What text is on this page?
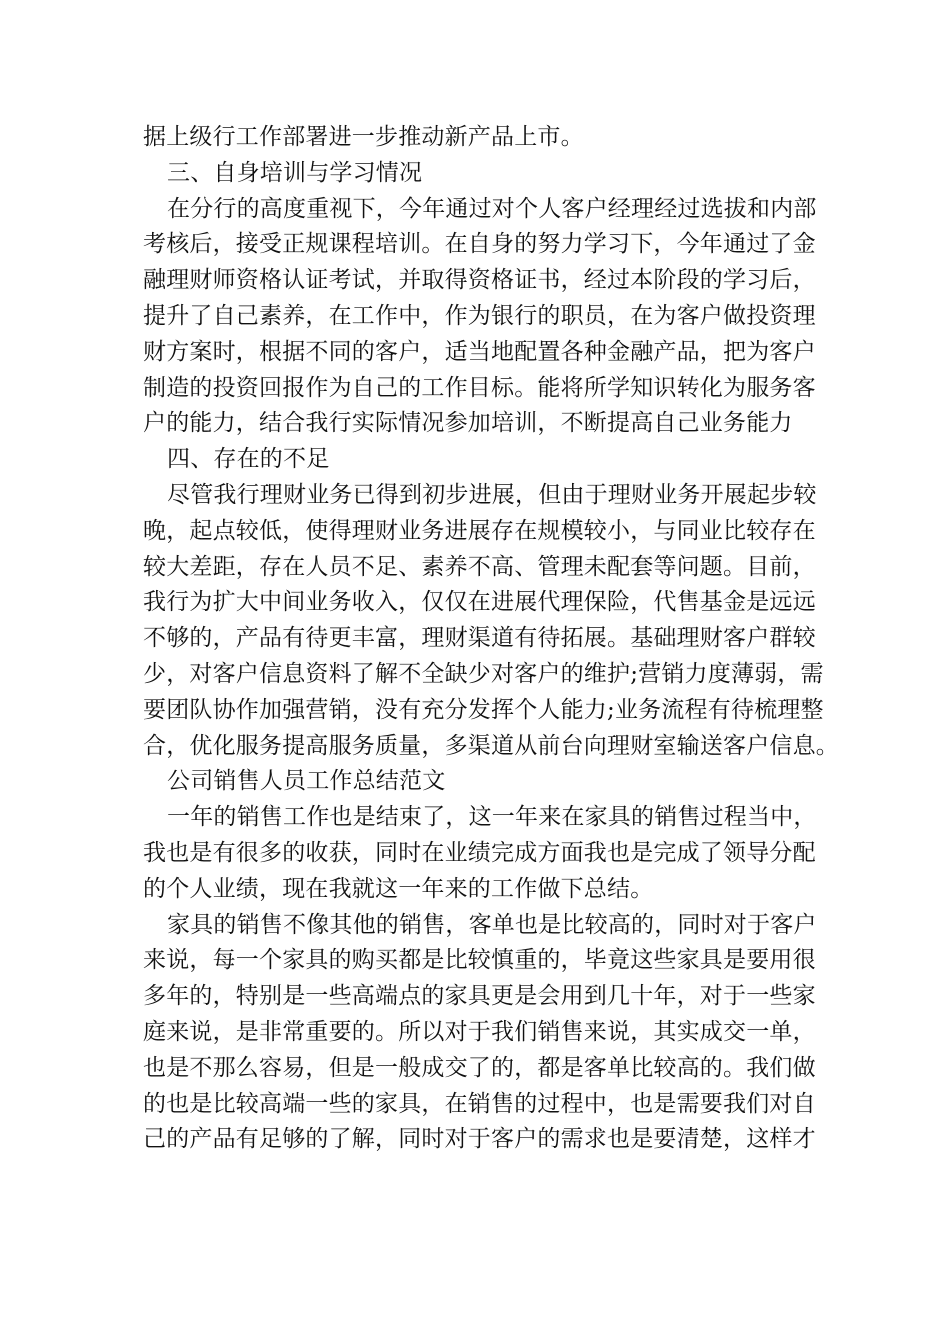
据上级行工作部署进一步推动新产品上市。
三、自身培训与学习情况
在分行的高度重视下，今年通过对个人客户经理经过选拔和内部
考核后，接受正规课程培训。在自身的努力学习下，今年通过了金
融理财师资格认证考试，并取得资格证书，经过本阶段的学习后，
提升了自己素养，在工作中，作为银行的职员，在为客户做投资理
财方案时，根据不同的客户，适当地配置各种金融产品，把为客户
制造的投资回报作为自己的工作目标。能将所学知识转化为服务客
户的能力，结合我行实际情况参加培训，不断提高自己业务能力
四、存在的不足
尽管我行理财业务已得到初步进展，但由于理财业务开展起步较
晚，起点较低，使得理财业务进展存在规模较小，与同业比较存在
较大差距，存在人员不足、素养不高、管理未配套等问题。目前，
我行为扩大中间业务收入，仅仅在进展代理保险，代售基金是远远
不够的，产品有待更丰富，理财渠道有待拓展。基础理财客户群较
少，对客户信息资料了解不全缺少对客户的维护;营销力度薄弱，需
要团队协作加强营销，没有充分发挥个人能力;业务流程有待梳理整
合，优化服务提高服务质量，多渠道从前台向理财室输送客户信息。
公司销售人员工作总结范文
一年的销售工作也是结束了，这一年来在家具的销售过程当中，
我也是有很多的收获，同时在业绩完成方面我也是完成了领导分配
的个人业绩，现在我就这一年来的工作做下总结。
家具的销售不像其他的销售，客单也是比较高的，同时对于客户
来说，每一个家具的购买都是比较慎重的，毕竟这些家具是要用很
多年的，特别是一些高端点的家具更是会用到几十年，对于一些家
庭来说，是非常重要的。所以对于我们销售来说，其实成交一单，
也是不那么容易，但是一般成交了的，都是客单比较高的。我们做
的也是比较高端一些的家具，在销售的过程中，也是需要我们对自
己的产品有足够的了解，同时对于客户的需求也是要清楚，这样才
